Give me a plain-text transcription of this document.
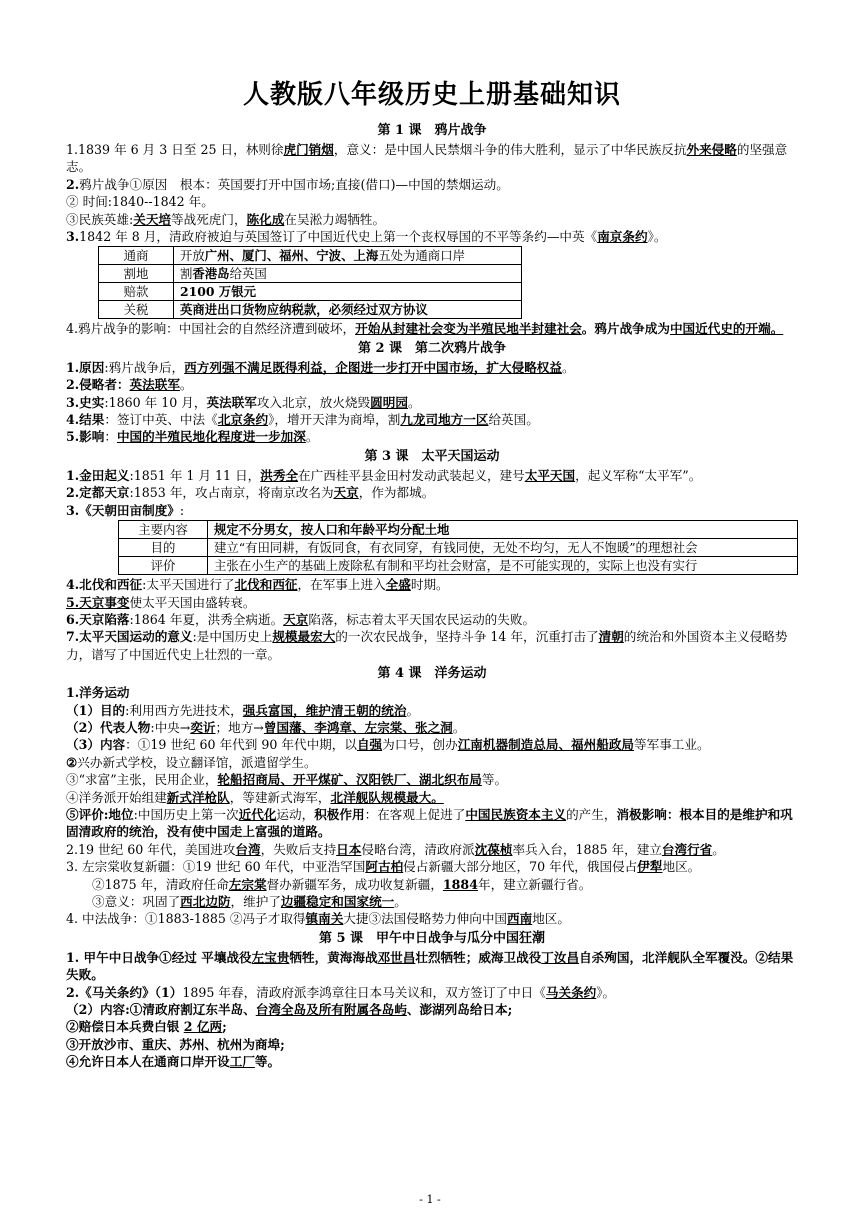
人教版八年级历史上册基础知识
第 1 课　鸦片战争

1.1839 年 6 月 3 日至 25 日，林则徐虎门销烟，意义：是中国人民禁烟斗争的伟大胜利，显示了中华民族反抗外来侵略的坚强意志。

2.鸦片战争①原因　根本：英国要打开中国市场;直接(借口)—中国的禁烟运动。

② 时间:1840--1842 年。

③民族英雄:关天培等战死虎门，陈化成在吴淞力竭牺牲。

3.1842 年 8 月，清政府被迫与英国签订了中国近代史上第一个丧权辱国的不平等条约—中英《南京条约》。

通商	开放广州、厦门、福州、宁波、上海五处为通商口岸
割地	割香港岛给英国
赔款	2100 万银元
关税	英商进出口货物应纳税款，必须经过双方协议

4.鸦片战争的影响：中国社会的自然经济遭到破坏，开始从封建社会变为半殖民地半封建社会。鸦片战争成为中国近代史的开端。

第 2 课　第二次鸦片战争

1.原因:鸦片战争后，西方列强不满足既得利益，企图进一步打开中国市场，扩大侵略权益。

2.侵略者：英法联军。

3.史实:1860 年 10 月，英法联军攻入北京，放火烧毁圆明园。

4.结果：签订中英、中法《北京条约》，增开天津为商埠，割九龙司地方一区给英国。

5.影响：中国的半殖民地化程度进一步加深。

第 3 课　太平天国运动

1.金田起义:1851 年 1 月 11 日，洪秀全在广西桂平县金田村发动武装起义，建号太平天国，起义军称“太平军”。

2.定都天京:1853 年，攻占南京，将南京改名为天京，作为都城。

3.《天朝田亩制度》:

主要内容	规定不分男女，按人口和年龄平均分配土地
目的	建立“有田同耕，有饭同食，有衣同穿，有钱同使，无处不均匀，无人不饱暖”的理想社会
评价	主张在小生产的基础上废除私有制和平均社会财富，是不可能实现的，实际上也没有实行

4.北伐和西征:太平天国进行了北伐和西征，在军事上进入全盛时期。

5.天京事变使太平天国由盛转衰。

6.天京陷落:1864 年夏，洪秀全病逝。天京陷落，标志着太平天国农民运动的失败。

7.太平天国运动的意义:是中国历史上规模最宏大的一次农民战争，坚持斗争 14 年，沉重打击了清朝的统治和外国资本主义侵略势力，谱写了中国近代史上壮烈的一章。

第 4 课　洋务运动

1.洋务运动

（1）目的:利用西方先进技术，强兵富国，维护清王朝的统治。

（2）代表人物:中央→奕䜣；地方→曾国藩、李鸿章、左宗棠、张之洞。

（3）内容：①19 世纪 60 年代到 90 年代中期，以自强为口号，创办江南机器制造总局、福州船政局等军事工业。

②兴办新式学校，设立翻译馆，派遣留学生。

③“求富”主张，民用企业，轮船招商局、开平煤矿、汉阳铁厂、湖北织布局等。

④洋务派开始组建新式洋枪队，等建新式海军，北洋舰队规模最大。

⑤评价:地位:中国历史上第一次近代化运动，积极作用：在客观上促进了中国民族资本主义的产生，消极影响：根本目的是维护和巩固清政府的统治，没有使中国走上富强的道路。

2.19 世纪 60 年代，美国进攻台湾，失败后支持日本侵略台湾，清政府派沈葆桢率兵入台，1885 年，建立台湾行省。

3. 左宗棠收复新疆：①19 世纪 60 年代，中亚浩罕国阿古柏侵占新疆大部分地区，70 年代，俄国侵占伊犁地区。

②1875 年，清政府任命左宗棠督办新疆军务，成功收复新疆，1884年，建立新疆行省。

③意义：巩固了西北边防，维护了边疆稳定和国家统一。

4. 中法战争：①1883-1885 ②冯子才取得镇南关大捷③法国侵略势力伸向中国西南地区。

第 5 课　甲午中日战争与瓜分中国狂潮

1. 甲午中日战争①经过 平壤战役左宝贵牺牲，黄海海战邓世昌壮烈牺牲；威海卫战役丁汝昌自杀殉国，北洋舰队全军覆没。②结果失败。

2.《马关条约》（1）1895 年春，清政府派李鸿章往日本马关议和，双方签订了中日《马关条约》。

（2）内容:①清政府割辽东半岛、台湾全岛及所有附属各岛屿、澎湖列岛给日本;

②赔偿日本兵费白银 2 亿两;

③开放沙市、重庆、苏州、杭州为商埠;

④允许日本人在通商口岸开设工厂等。

- 1 -
